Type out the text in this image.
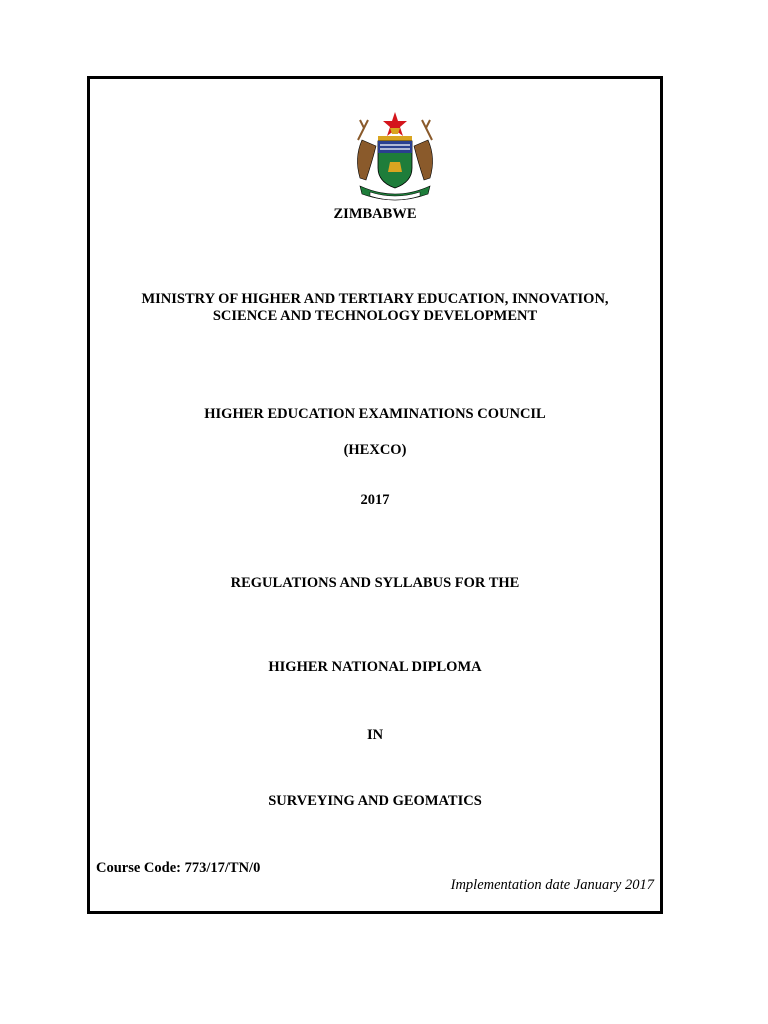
ZIMBABWE
MINISTRY OF HIGHER AND TERTIARY EDUCATION, INNOVATION,
SCIENCE AND TECHNOLOGY DEVELOPMENT
HIGHER EDUCATION EXAMINATIONS COUNCIL
(HEXCO)
2017
REGULATIONS AND SYLLABUS FOR THE
HIGHER NATIONAL DIPLOMA
IN
SURVEYING AND GEOMATICS
Course Code: 773/17/TN/0
Implementation date January 2017
